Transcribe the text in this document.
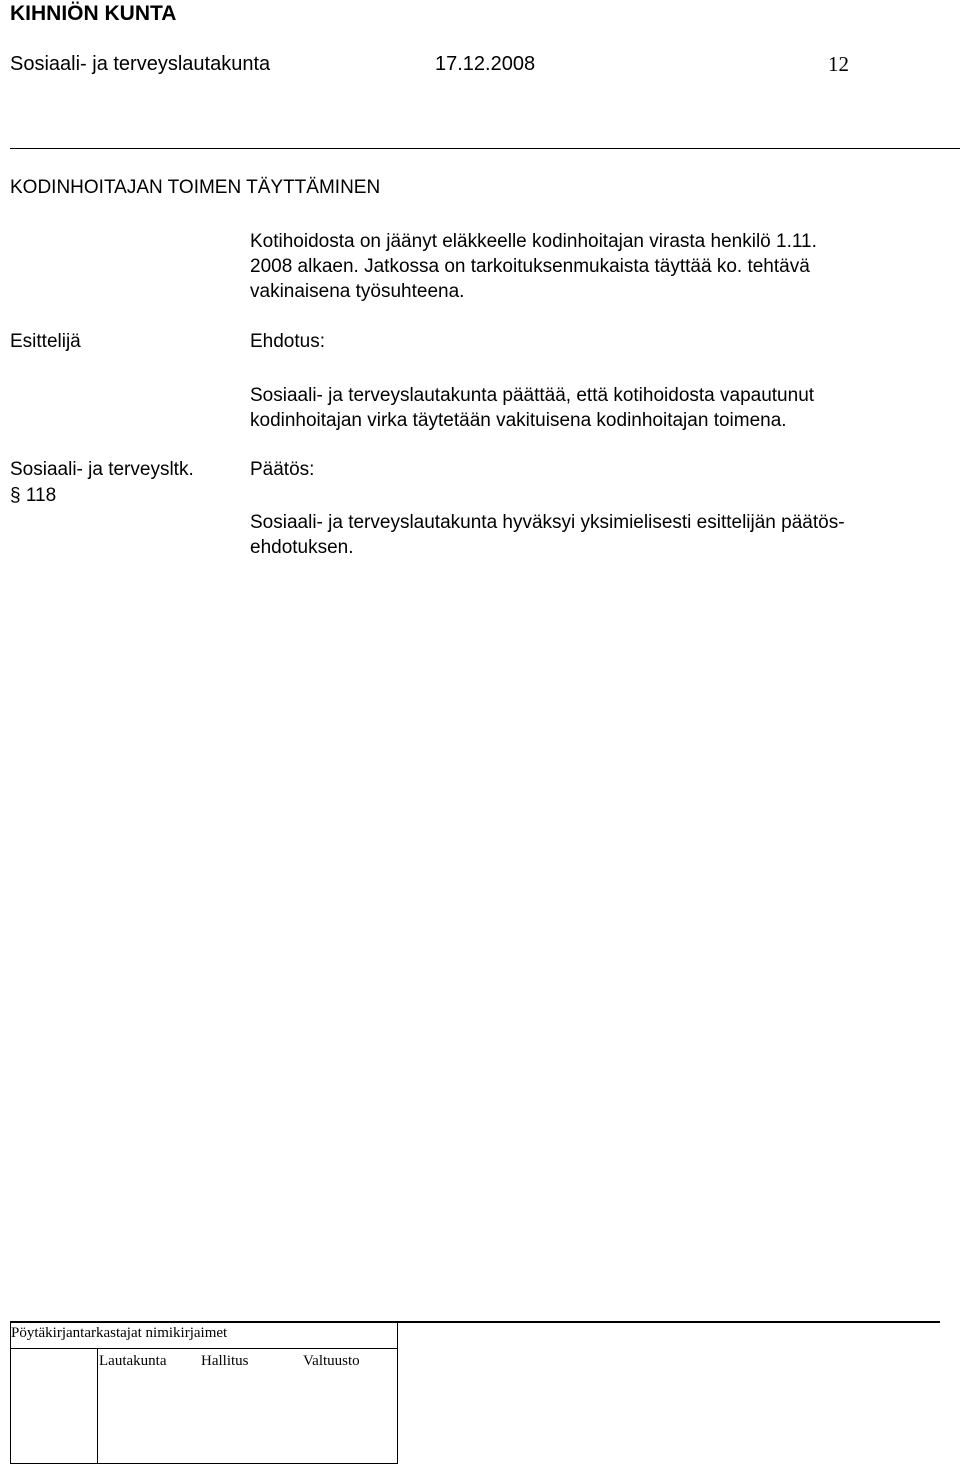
KIHNIÖN KUNTA
Sosiaali- ja terveyslautakunta	17.12.2008	12
KODINHOITAJAN TOIMEN TÄYTTÄMINEN
Kotihoidosta on jäänyt eläkkeelle kodinhoitajan virasta henkilö 1.11.
2008 alkaen. Jatkossa on tarkoituksenmukaista täyttää ko. tehtävä
vakinaisena työsuhteena.
Esittelijä	Ehdotus:
Sosiaali- ja terveyslautakunta päättää, että kotihoidosta vapautunut
kodinhoitajan virka täytetään vakituisena kodinhoitajan toimena.
Sosiaali- ja terveysltk.
§ 118
Päätös:
Sosiaali- ja terveyslautakunta hyväksyi yksimielisesti esittelijän päätös-
ehdotuksen.
Pöytäkirjantarkastajat nimikirjaimet
Lautakunta Hallitus	Valtuusto
